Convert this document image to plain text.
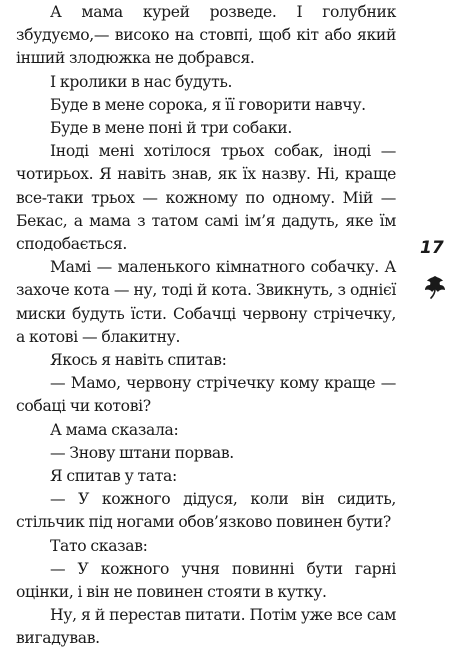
А мама курей розведе. І голубник збудуємо,— високо на стовпі, щоб кіт або який інший злодюжка не добрався.

І кролики в нас будуть.

Буде в мене сорока, я її говорити навчу.

Буде в мене поні й три собаки.

Іноді мені хотілося трьох собак, іноді — чотирьох. Я навіть знав, як їх назву. Ні, краще все-таки трьох — кожному по одному. Мій — Бекас, а мама з татом самі ім’я дадуть, яке їм сподобається.

Мамі — маленького кімнатного собачку. А захоче кота — ну, тоді й кота. Звикнуть, з однієї миски будуть їсти. Собачці червону стрічечку, а котові — блакитну.

Якось я навіть спитав:

— Мамо, червону стрічечку кому краще — собаці чи котові?

А мама сказала:

— Знову штани порвав.

Я спитав у тата:

— У кожного дідуся, коли він сидить, стільчик під ногами обов’язково повинен бути?

Тато сказав:

— У кожного учня повинні бути гарні оцінки, і він не повинен стояти в кутку.

Ну, я й перестав питати. Потім уже все сам вигадував.

17
